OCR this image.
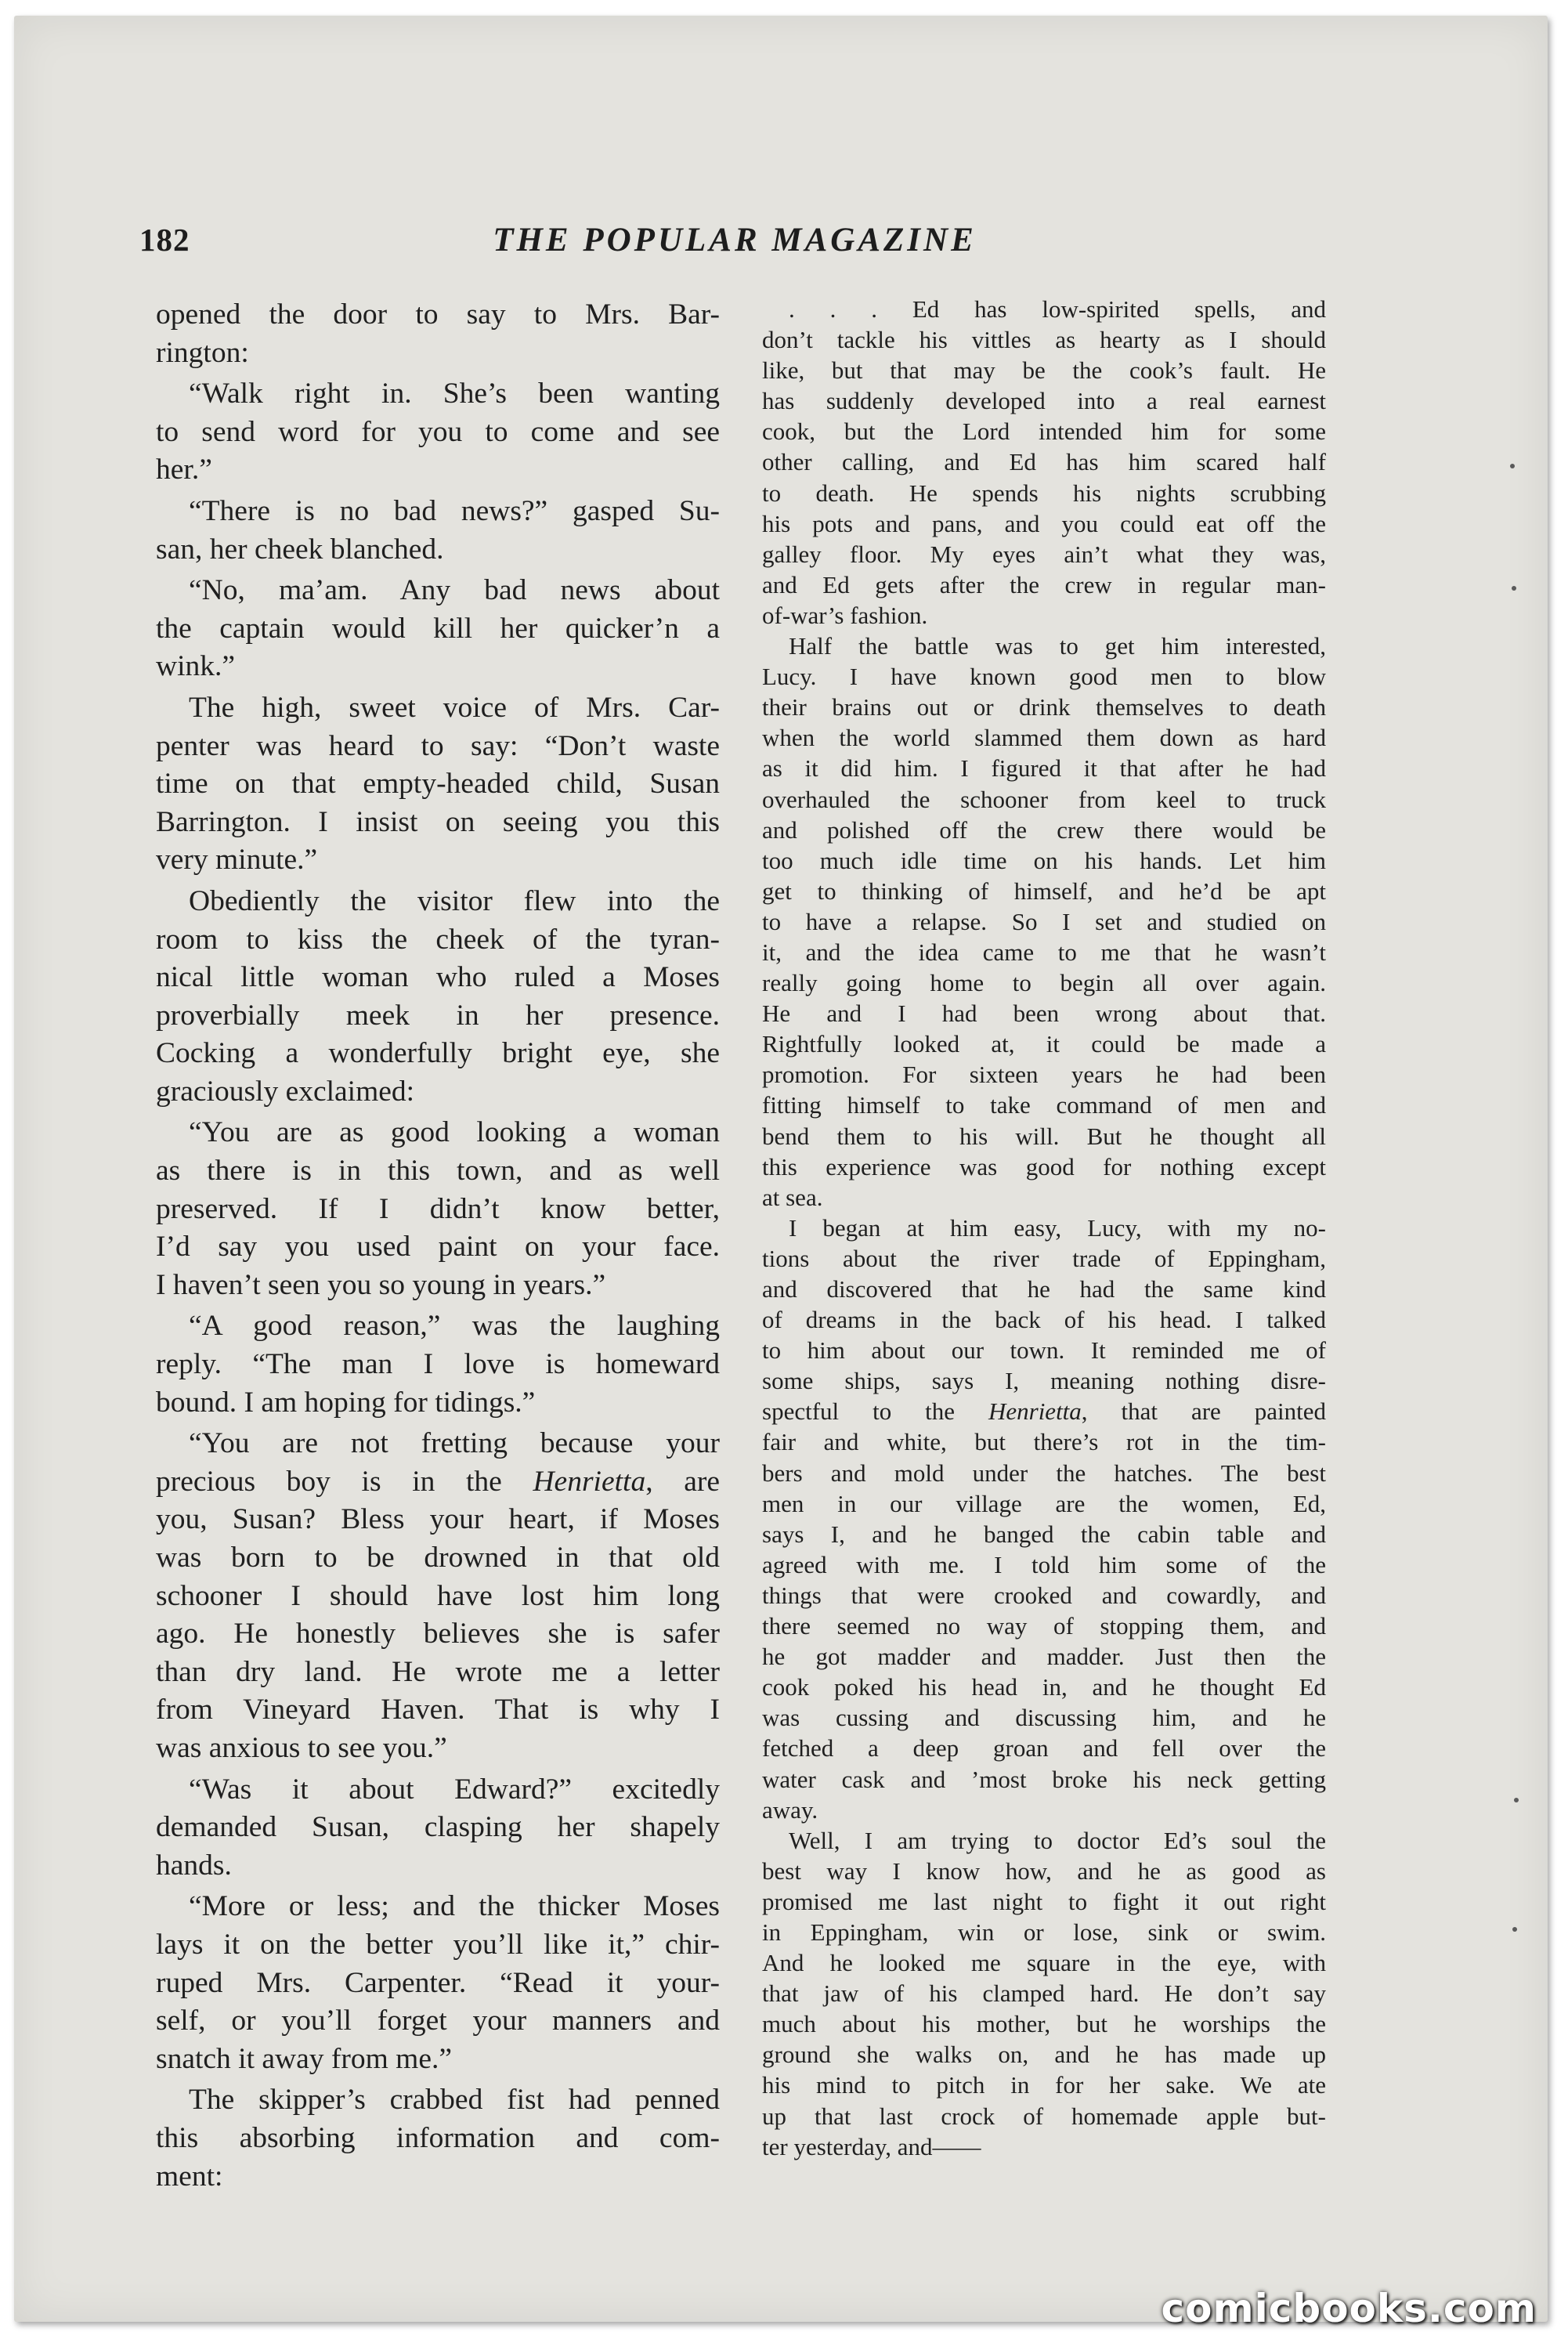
182	THE POPULAR MAGAZINE

opened the door to say to Mrs. Bar-
rington:

“Walk right in. She’s been wanting
to send word for you to come and see
her.”

“There is no bad news?” gasped Su-
san, her cheek blanched.

“No, ma’am. Any bad news about
the captain would kill her quicker’n a
wink.”

The high, sweet voice of Mrs. Car-
penter was heard to say: “Don’t waste
time on that empty-headed child, Susan
Barrington. I insist on seeing you this
very minute.”

Obediently the visitor flew into the
room to kiss the cheek of the tyran-
nical little woman who ruled a Moses
proverbially meek in her presence.
Cocking a wonderfully bright eye, she
graciously exclaimed:

“You are as good looking a woman
as there is in this town, and as well
preserved. If I didn’t know better,
I’d say you used paint on your face.
I haven’t seen you so young in years.”

“A good reason,” was the laughing
reply. “The man I love is homeward
bound. I am hoping for tidings.”

“You are not fretting because your
precious boy is in the Henrietta, are
you, Susan? Bless your heart, if Moses
was born to be drowned in that old
schooner I should have lost him long
ago. He honestly believes she is safer
than dry land. He wrote me a letter
from Vineyard Haven. That is why I
was anxious to see you.”

“Was it about Edward?” excitedly
demanded Susan, clasping her shapely
hands.

“More or less; and the thicker Moses
lays it on the better you’ll like it,” chir-
ruped Mrs. Carpenter. “Read it your-
self, or you’ll forget your manners and
snatch it away from me.”

The skipper’s crabbed fist had penned
this absorbing information and com-
ment:

. . . Ed has low-spirited spells, and
don’t tackle his vittles as hearty as I should
like, but that may be the cook’s fault. He
has suddenly developed into a real earnest
cook, but the Lord intended him for some
other calling, and Ed has him scared half
to death. He spends his nights scrubbing
his pots and pans, and you could eat off the
galley floor. My eyes ain’t what they was,
and Ed gets after the crew in regular man-
of-war’s fashion.

Half the battle was to get him interested,
Lucy. I have known good men to blow
their brains out or drink themselves to death
when the world slammed them down as hard
as it did him. I figured it that after he had
overhauled the schooner from keel to truck
and polished off the crew there would be
too much idle time on his hands. Let him
get to thinking of himself, and he’d be apt
to have a relapse. So I set and studied on
it, and the idea came to me that he wasn’t
really going home to begin all over again.
He and I had been wrong about that.
Rightfully looked at, it could be made a
promotion. For sixteen years he had been
fitting himself to take command of men and
bend them to his will. But he thought all
this experience was good for nothing except
at sea.

I began at him easy, Lucy, with my no-
tions about the river trade of Eppingham,
and discovered that he had the same kind
of dreams in the back of his head. I talked
to him about our town. It reminded me of
some ships, says I, meaning nothing disre-
spectful to the Henrietta, that are painted
fair and white, but there’s rot in the tim-
bers and mold under the hatches. The best
men in our village are the women, Ed,
says I, and he banged the cabin table and
agreed with me. I told him some of the
things that were crooked and cowardly, and
there seemed no way of stopping them, and
he got madder and madder. Just then the
cook poked his head in, and he thought Ed
was cussing and discussing him, and he
fetched a deep groan and fell over the
water cask and ’most broke his neck getting
away.

Well, I am trying to doctor Ed’s soul the
best way I know how, and he as good as
promised me last night to fight it out right
in Eppingham, win or lose, sink or swim.
And he looked me square in the eye, with
that jaw of his clamped hard. He don’t say
much about his mother, but he worships the
ground she walks on, and he has made up
his mind to pitch in for her sake. We ate
up that last crock of homemade apple but-
ter yesterday, and——

comicbooks.com
